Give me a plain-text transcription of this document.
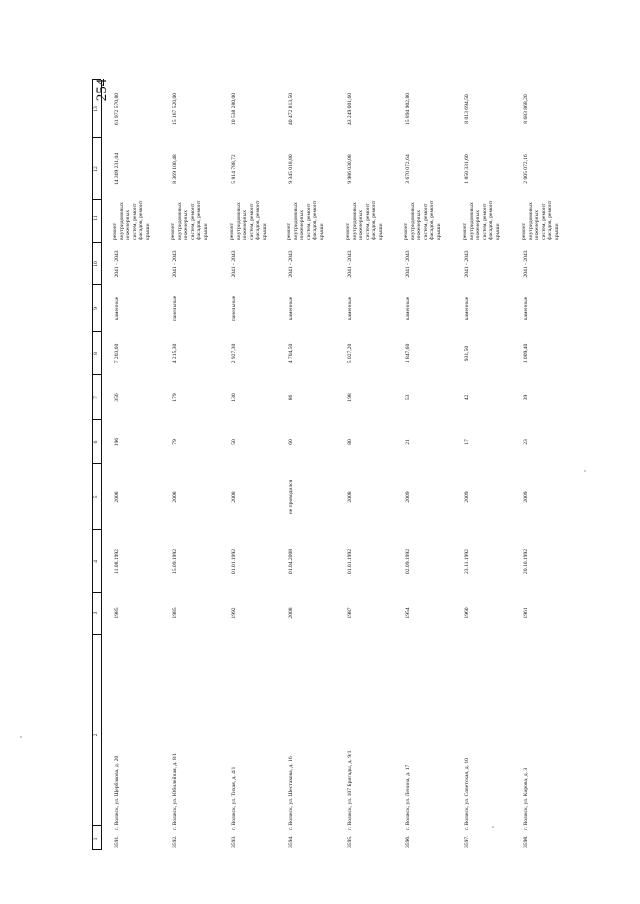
254
1
2
3
4
5
6
7
8
9
10
11
12
13
3591.
г. Волжск, ул. Щербакова, д. 20
1985
11.08.1992
2008
196
356
7 203,60
каменные
2041 - 2043
ремонт внутридомовых инженерных систем, ремонт фасадов, ремонт крыши
14 309 231,04
61 972 570,80
3592.
г. Волжск, ул. Юбилейная, д. 8/1
1985
15.09.1992
2008
79
179
4 215,30
панельные
2041 - 2043
ремонт внутридомовых инженерных систем, ремонт фасадов, ремонт крыши
8 369 100,48
15 167 520,00
3593.
г. Волжск, ул. Тихая, д. 4/1
1992
01.01.1992
2008
50
130
2 927,30
панельные
2041 - 2043
ремонт внутридомовых инженерных систем, ремонт фасадов, ремонт крыши
5 814 788,72
10 538 280,00
3594.
г. Волжск, ул. Шестакова, д. 16
2008
01.04.2008
не проводился
60
86
4 704,50
каменные
2041 - 2043
ремонт внутридомовых инженерных систем, ремонт фасадов, ремонт крыши
9 345 018,80
40 472 813,50
3595.
г. Волжск, ул. 107 Бригады, д. 9/1
1987
01.01.1992
2008
80
198
5 027,20
каменные
2041 - 2043
ремонт внутридомовых инженерных систем, ремонт фасадов, ремонт крыши
9 986 030,08
43 249 001,60
3596.
г. Волжск, ул. Ленина, д. 17
1954
02.09.1992
2009
21
53
1 847,60
каменные
2041 - 2043
ремонт внутридомовых инженерных систем, ремонт фасадов, ремонт крыши
3 670 072,64
15 894 902,80
3597.
г. Волжск, ул. Советская, д. 10
1960
23.11.1992
2009
17
42
931,50
каменные
2041 - 2043
ремонт внутридомовых инженерных систем, ремонт фасадов, ремонт крыши
1 850 331,60
8 013 694,50
3598.
г. Волжск, ул. Кирова, д. 3
1961
20.10.1992
2009
23
39
1 009,40
каменные
2041 - 2043
ремонт внутридомовых инженерных систем, ремонт фасадов, ремонт крыши
2 005 072,16
8 683 868,20
